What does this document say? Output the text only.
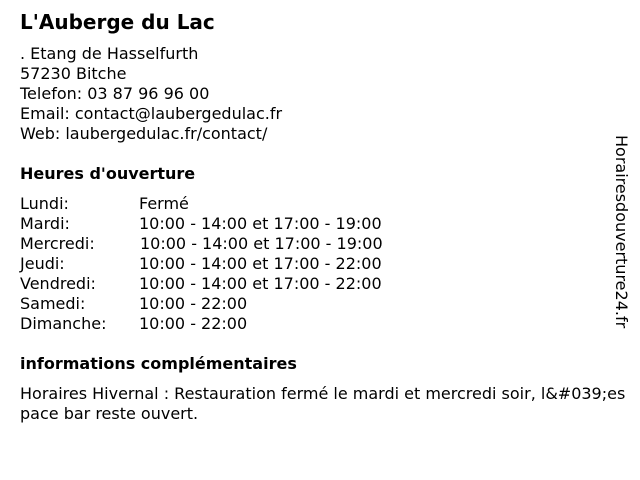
L'Auberge du Lac
. Etang de Hasselfurth
57230 Bitche
Telefon: 03 87 96 96 00
Email: contact@laubergedulac.fr
Web: laubergedulac.fr/contact/
Heures d'ouverture
Lundi:	Fermé
Mardi:	10:00 - 14:00 et 17:00 - 19:00
Mercredi:	10:00 - 14:00 et 17:00 - 19:00
Jeudi:	10:00 - 14:00 et 17:00 - 22:00
Vendredi:	10:00 - 14:00 et 17:00 - 22:00
Samedi:	10:00 - 22:00
Dimanche:	10:00 - 22:00
informations complémentaires
Horaires Hivernal : Restauration fermé le mardi et mercredi soir, l&#039;espace bar reste ouvert.
Horairesdouverture24.fr
